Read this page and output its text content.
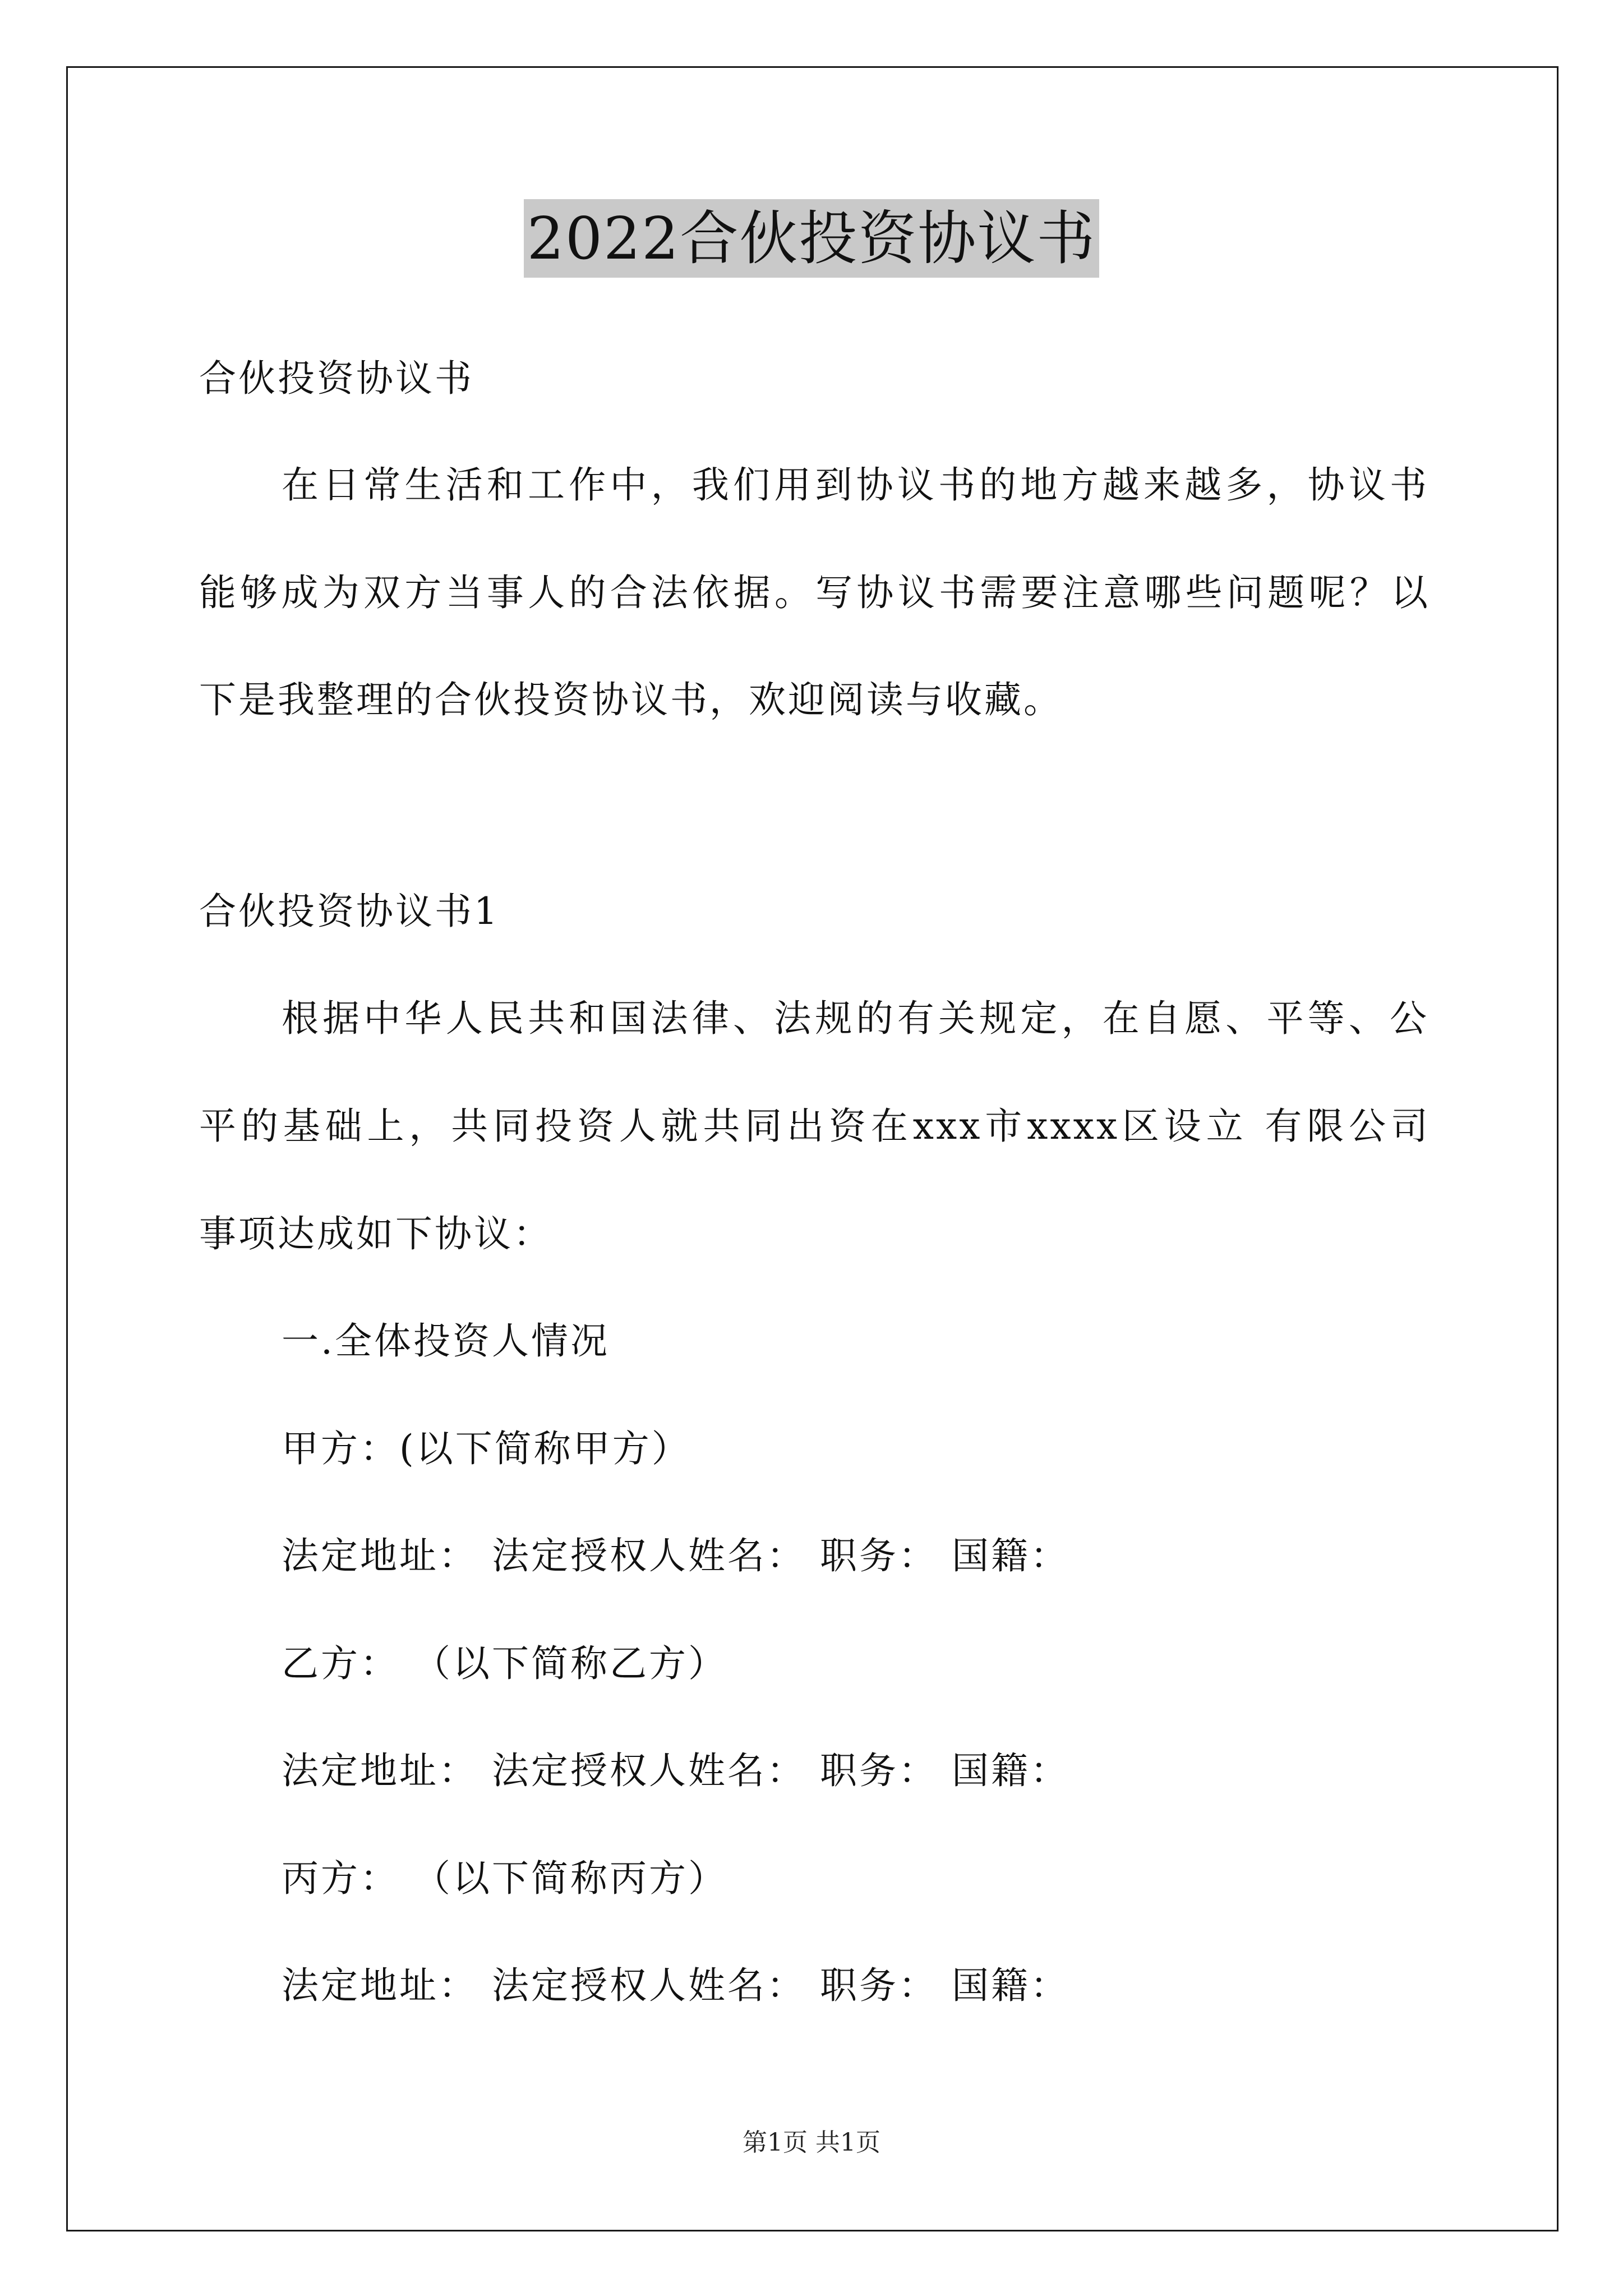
2022合伙投资协议书
合伙投资协议书
在日常生活和工作中，我们用到协议书的地方越来越多，协议书
能够成为双方当事人的合法依据。写协议书需要注意哪些问题呢？以
下是我整理的合伙投资协议书，欢迎阅读与收藏。
合伙投资协议书1
根据中华人民共和国法律、法规的有关规定，在自愿、平等、公
平的基础上，共同投资人就共同出资在xxx市xxxx区设立 有限公司
事项达成如下协议：
一.全体投资人情况
甲方：(以下简称甲方）
法定地址： 法定授权人姓名： 职务： 国籍：
乙方： （以下简称乙方）
法定地址： 法定授权人姓名： 职务： 国籍：
丙方： （以下简称丙方）
法定地址： 法定授权人姓名： 职务： 国籍：
第1页 共1页
